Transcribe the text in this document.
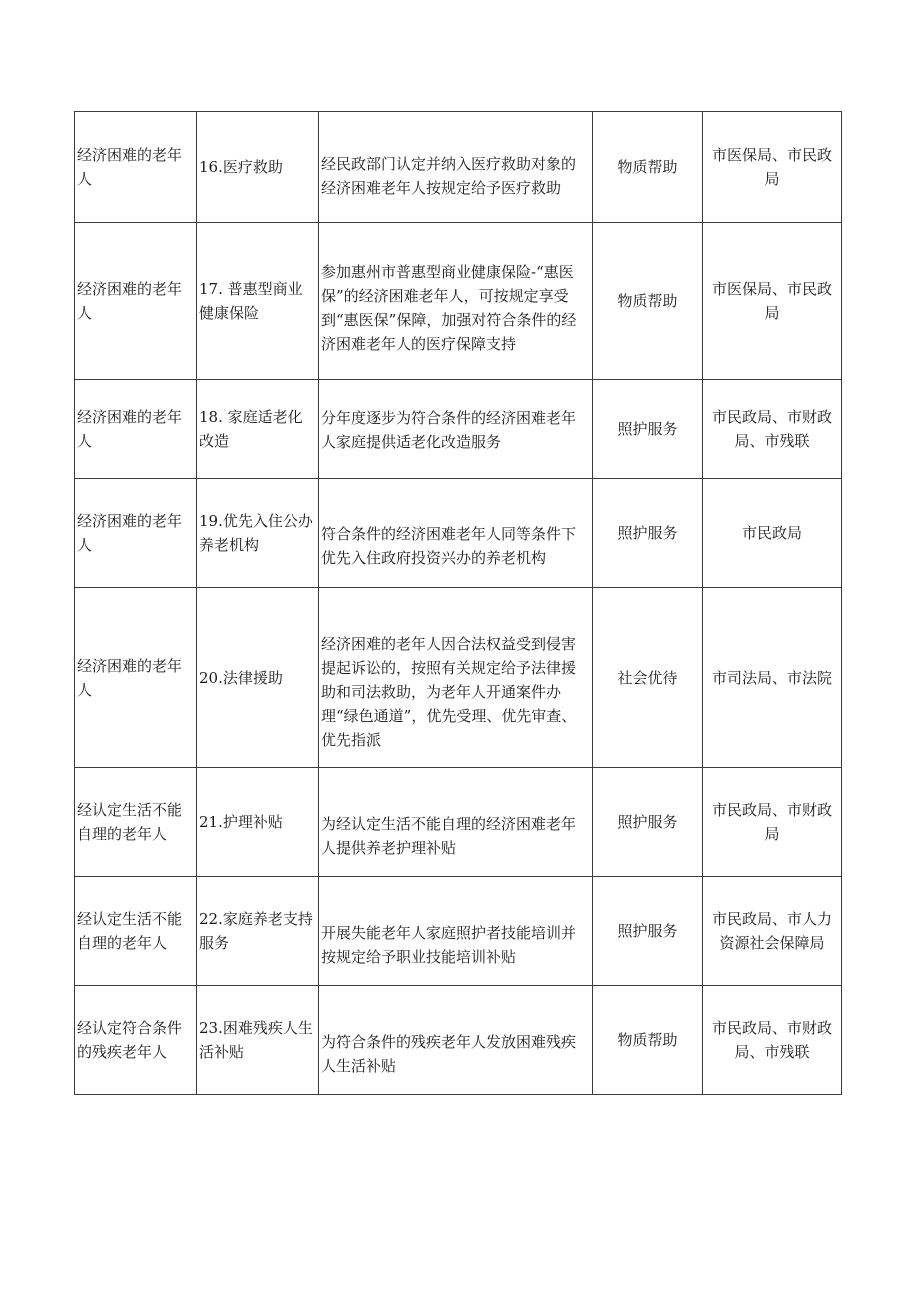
经济困难的老年人	16.医疗救助	经民政部门认定并纳入医疗救助对象的经济困难老年人按规定给予医疗救助	物质帮助	市医保局、市民政局
经济困难的老年人	17. 普惠型商业健康保险	参加惠州市普惠型商业健康保险-“惠医保”的经济困难老年人，可按规定享受到“惠医保”保障，加强对符合条件的经济困难老年人的医疗保障支持	物质帮助	市医保局、市民政局
经济困难的老年人	18. 家庭适老化改造	分年度逐步为符合条件的经济困难老年人家庭提供适老化改造服务	照护服务	市民政局、市财政局、市残联
经济困难的老年人	19.优先入住公办养老机构	符合条件的经济困难老年人同等条件下优先入住政府投资兴办的养老机构	照护服务	市民政局
经济困难的老年人	20.法律援助	经济困难的老年人因合法权益受到侵害提起诉讼的，按照有关规定给予法律援助和司法救助，为老年人开通案件办理“绿色通道”，优先受理、优先审查、优先指派	社会优待	市司法局、市法院
经认定生活不能自理的老年人	21.护理补贴	为经认定生活不能自理的经济困难老年人提供养老护理补贴	照护服务	市民政局、市财政局
经认定生活不能自理的老年人	22.家庭养老支持服务	开展失能老年人家庭照护者技能培训并按规定给予职业技能培训补贴	照护服务	市民政局、市人力资源社会保障局
经认定符合条件的残疾老年人	23.困难残疾人生活补贴	为符合条件的残疾老年人发放困难残疾人生活补贴	物质帮助	市民政局、市财政局、市残联
